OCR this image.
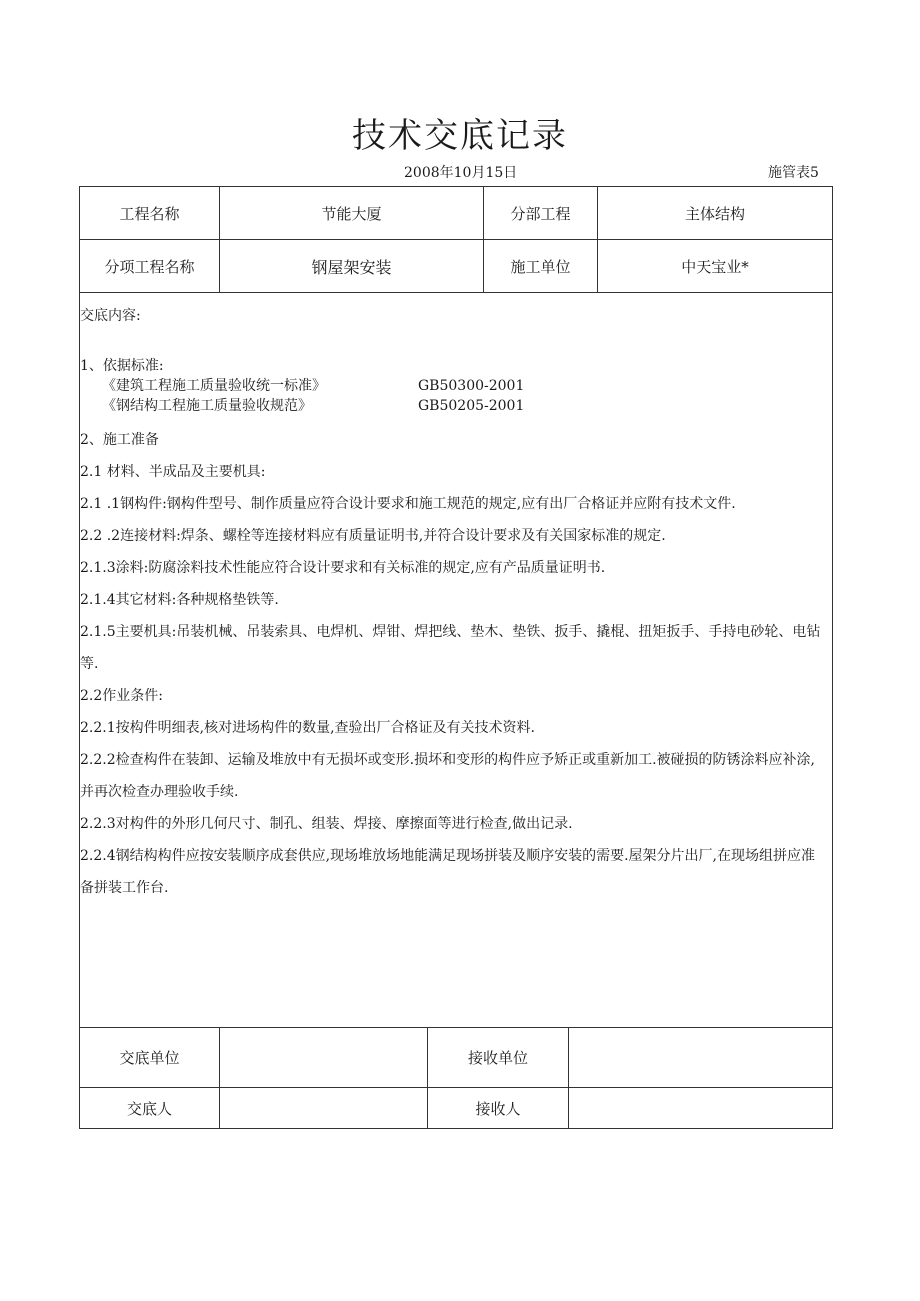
技术交底记录
2008年10月15日	施管表5
工程名称	节能大厦	分部工程	主体结构
分项工程名称	钢屋架安装	施工单位	中天宝业*
交底内容:
1、依据标准:
《建筑工程施工质量验收统一标准》	GB50300-2001
《钢结构工程施工质量验收规范》	GB50205-2001

2、施工准备

2.1 材料、半成品及主要机具:

2.1 .1钢构件:钢构件型号、制作质量应符合设计要求和施工规范的规定,应有出厂合格证并应附有技术文件.

2.2 .2连接材料:焊条、螺栓等连接材料应有质量证明书,并符合设计要求及有关国家标准的规定.

2.1.3涂料:防腐涂料技术性能应符合设计要求和有关标准的规定,应有产品质量证明书.

2.1.4其它材料:各种规格垫铁等.

2.1.5主要机具:吊装机械、吊装索具、电焊机、焊钳、焊把线、垫木、垫铁、扳手、撬棍、扭矩扳手、手持电砂轮、电钻等.

2.2作业条件:

2.2.1按构件明细表,核对进场构件的数量,查验出厂合格证及有关技术资料.

2.2.2检查构件在装卸、运输及堆放中有无损坏或变形.损坏和变形的构件应予矫正或重新加工.被碰损的防锈涂料应补涂,并再次检查办理验收手续.

2.2.3对构件的外形几何尺寸、制孔、组装、焊接、摩擦面等进行检查,做出记录.

2.2.4钢结构构件应按安装顺序成套供应,现场堆放场地能满足现场拼装及顺序安装的需要.屋架分片出厂,在现场组拼应准备拼装工作台.

交底单位	接收单位
交底人	接收人
